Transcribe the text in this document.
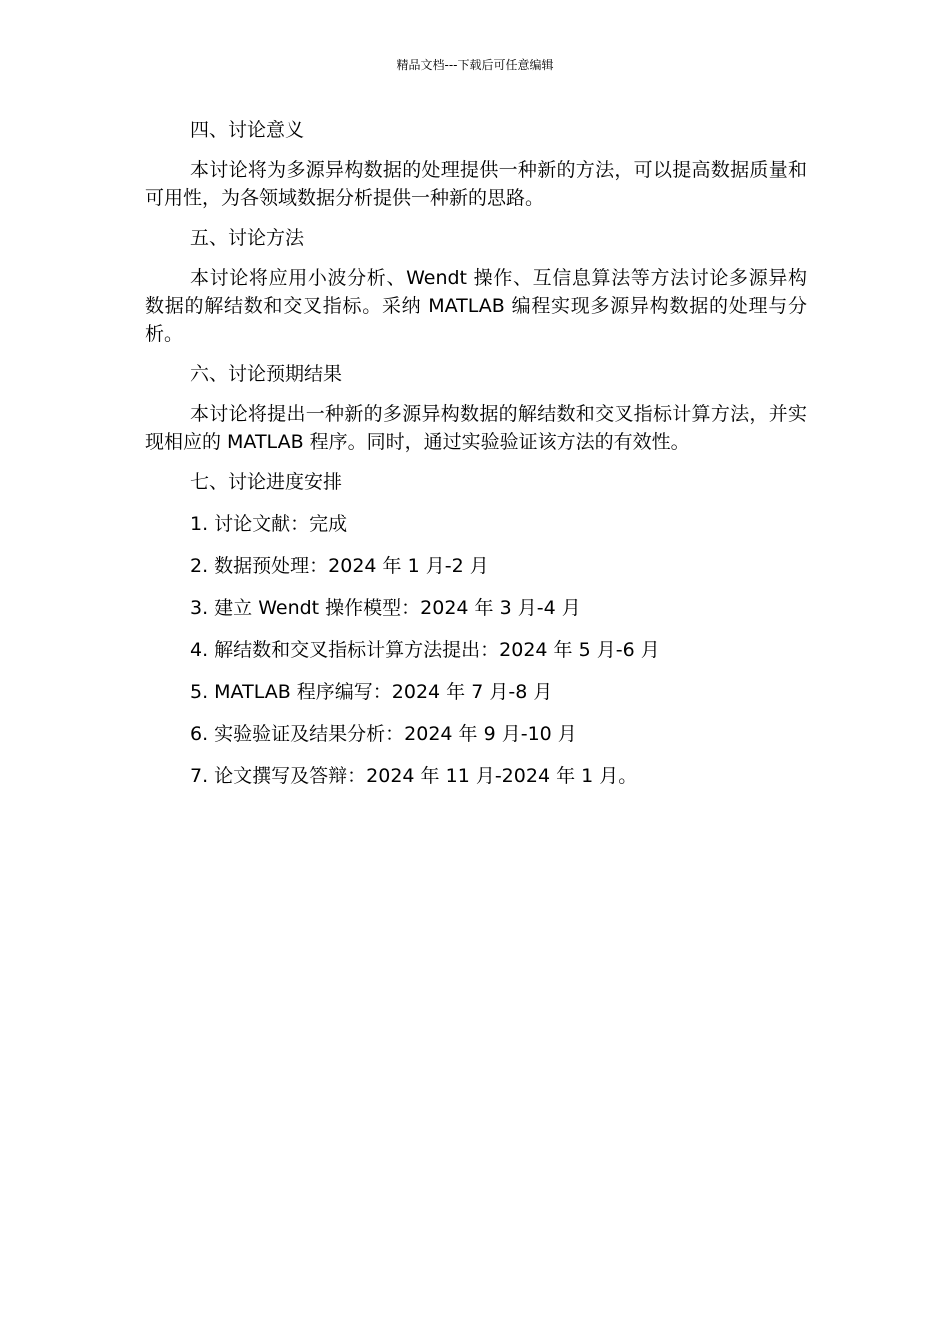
精品文档---下载后可任意编辑
四、讨论意义
本讨论将为多源异构数据的处理提供一种新的方法，可以提高数据质量和可用性，为各领域数据分析提供一种新的思路。
五、讨论方法
本讨论将应用小波分析、Wendt 操作、互信息算法等方法讨论多源异构数据的解结数和交叉指标。采纳 MATLAB 编程实现多源异构数据的处理与分析。
六、讨论预期结果
本讨论将提出一种新的多源异构数据的解结数和交叉指标计算方法，并实现相应的 MATLAB 程序。同时，通过实验验证该方法的有效性。
七、讨论进度安排
1. 讨论文献：完成
2. 数据预处理：2024 年 1 月-2 月
3. 建立 Wendt 操作模型：2024 年 3 月-4 月
4. 解结数和交叉指标计算方法提出：2024 年 5 月-6 月
5. MATLAB 程序编写：2024 年 7 月-8 月
6. 实验验证及结果分析：2024 年 9 月-10 月
7. 论文撰写及答辩：2024 年 11 月-2024 年 1 月。
